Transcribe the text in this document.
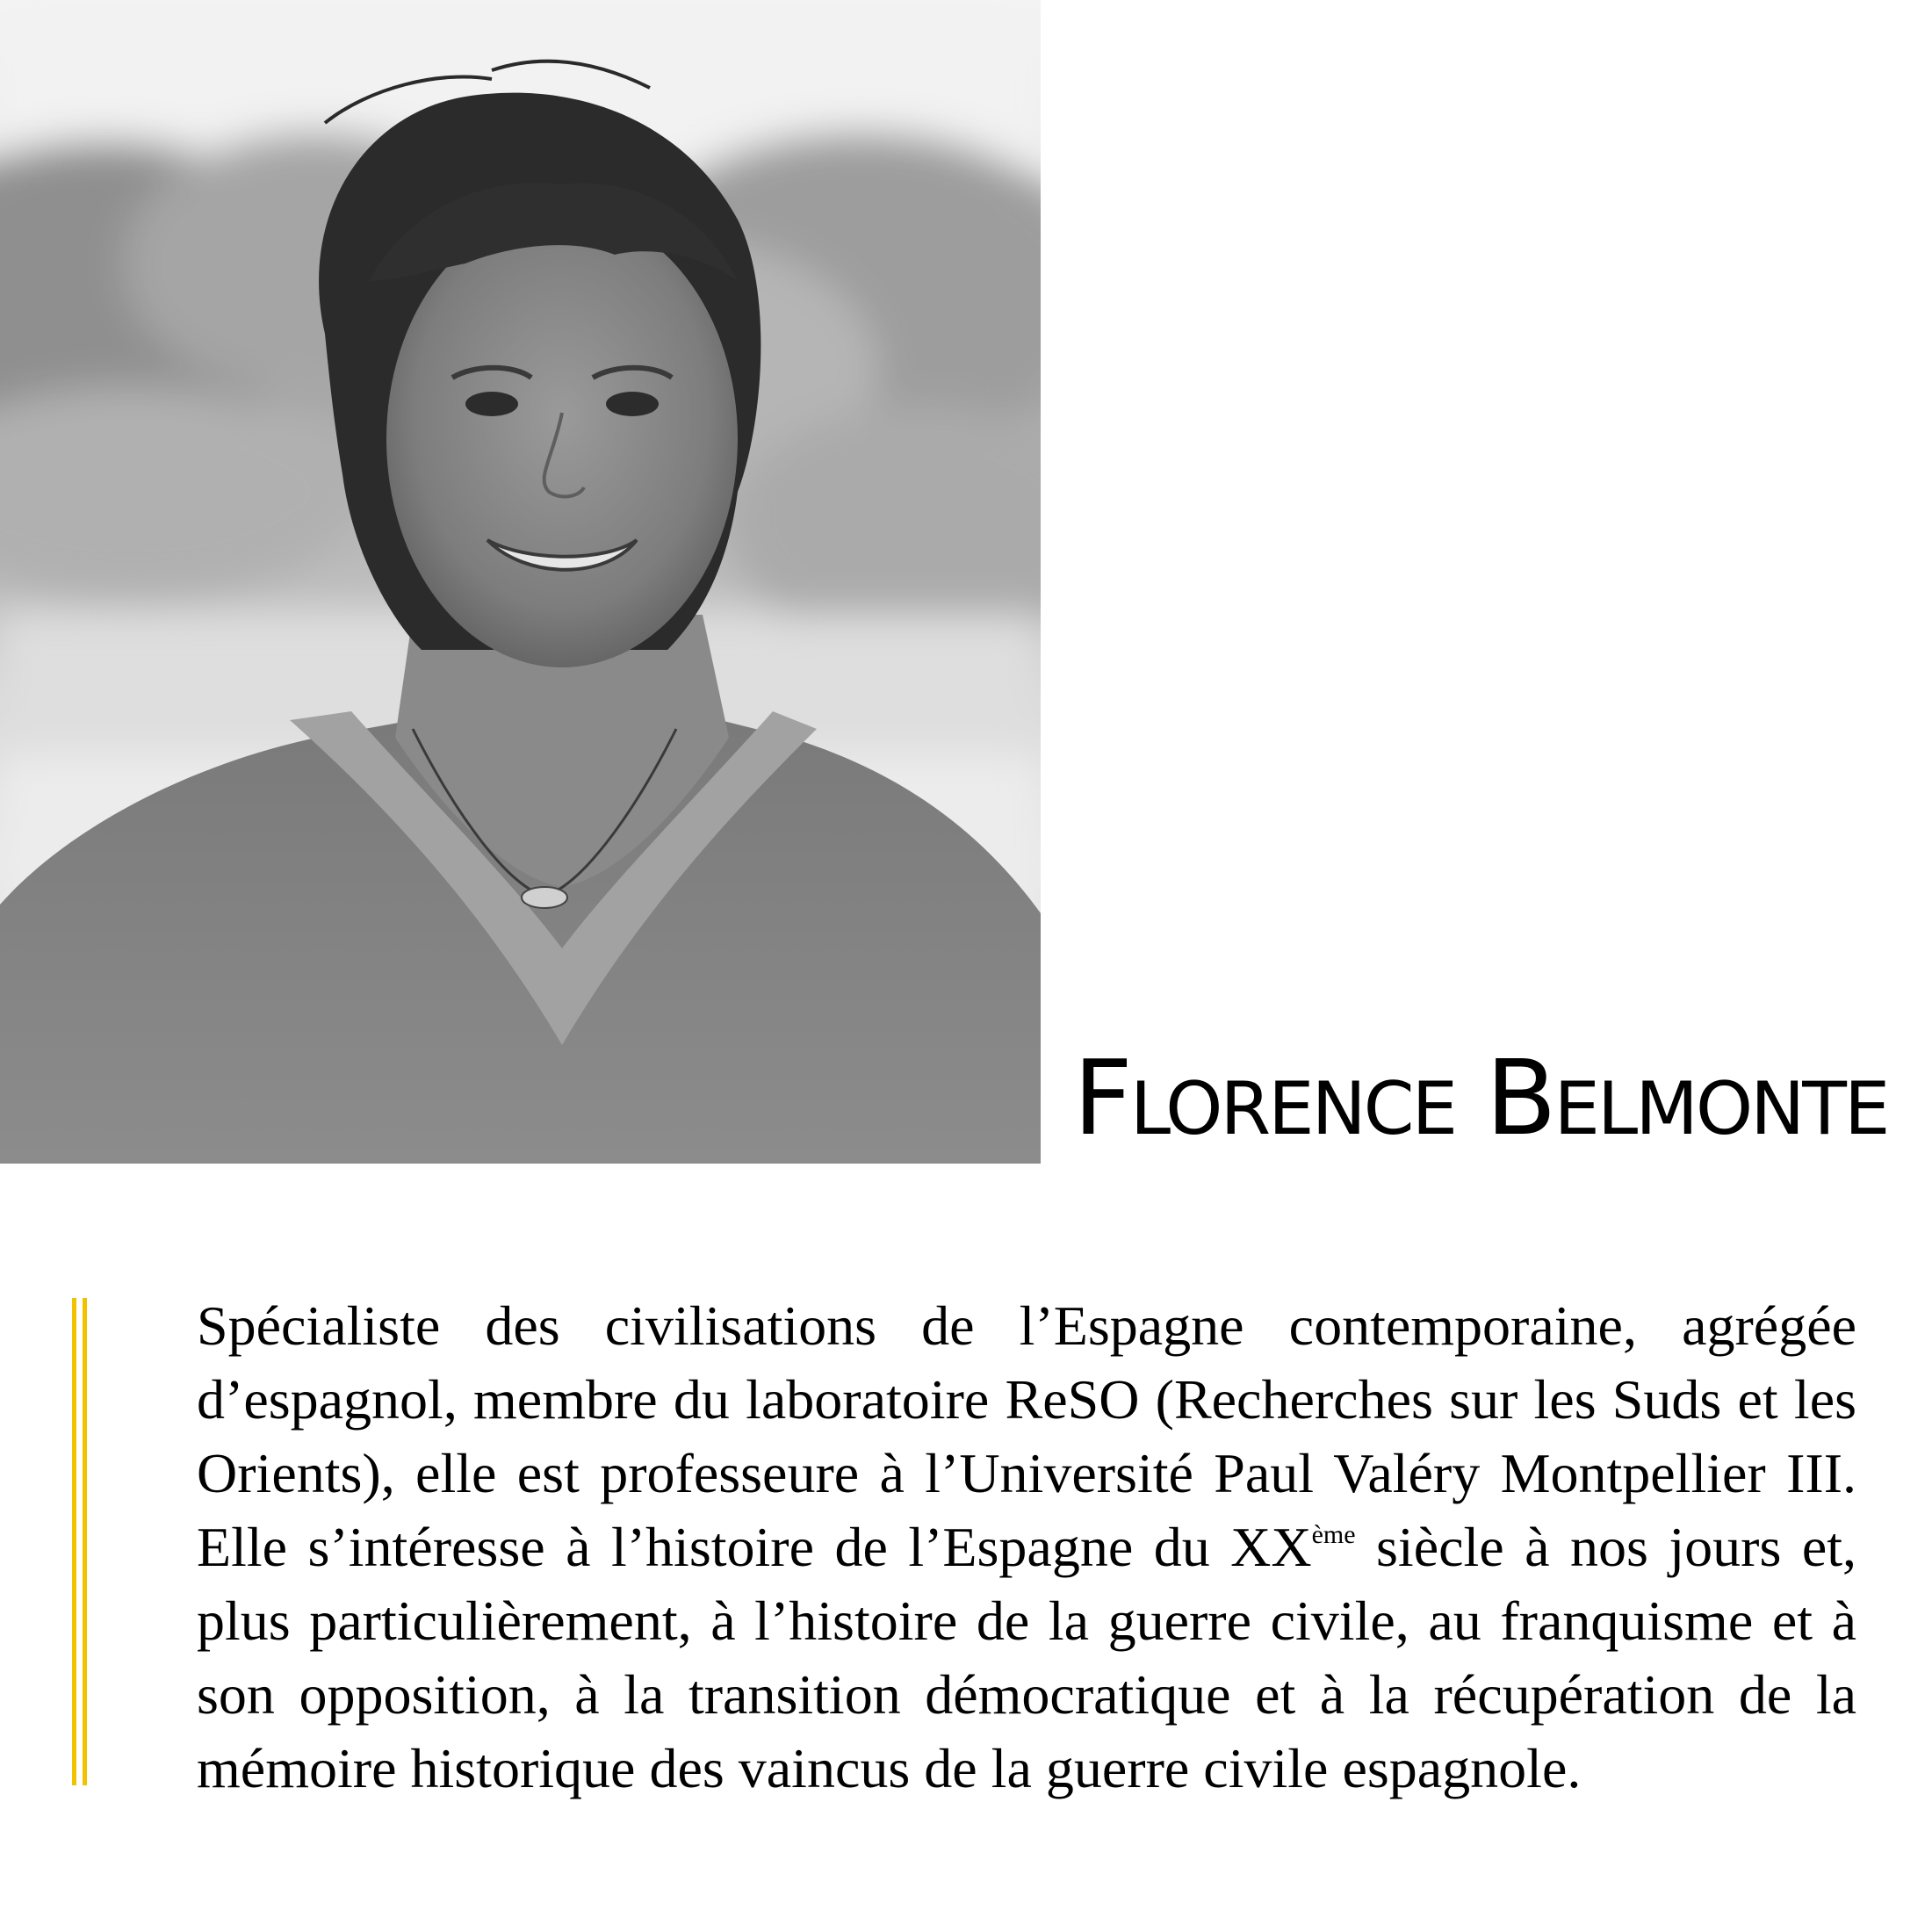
Florence Belmonte

Spécialiste des civilisations de l’Espagne contemporaine, agrégée d’espagnol, membre du laboratoire ReSO (Recherches sur les Suds et les Orients), elle est professeure à l’Université Paul Valéry Montpellier III. Elle s’intéresse à l’histoire de l’Espagne du XXème siècle à nos jours et, plus particulièrement, à l’histoire de la guerre civile, au franquisme et à son opposition, à la transition démocratique et à la récupération de la mémoire historique des vaincus de la guerre civile espagnole.
